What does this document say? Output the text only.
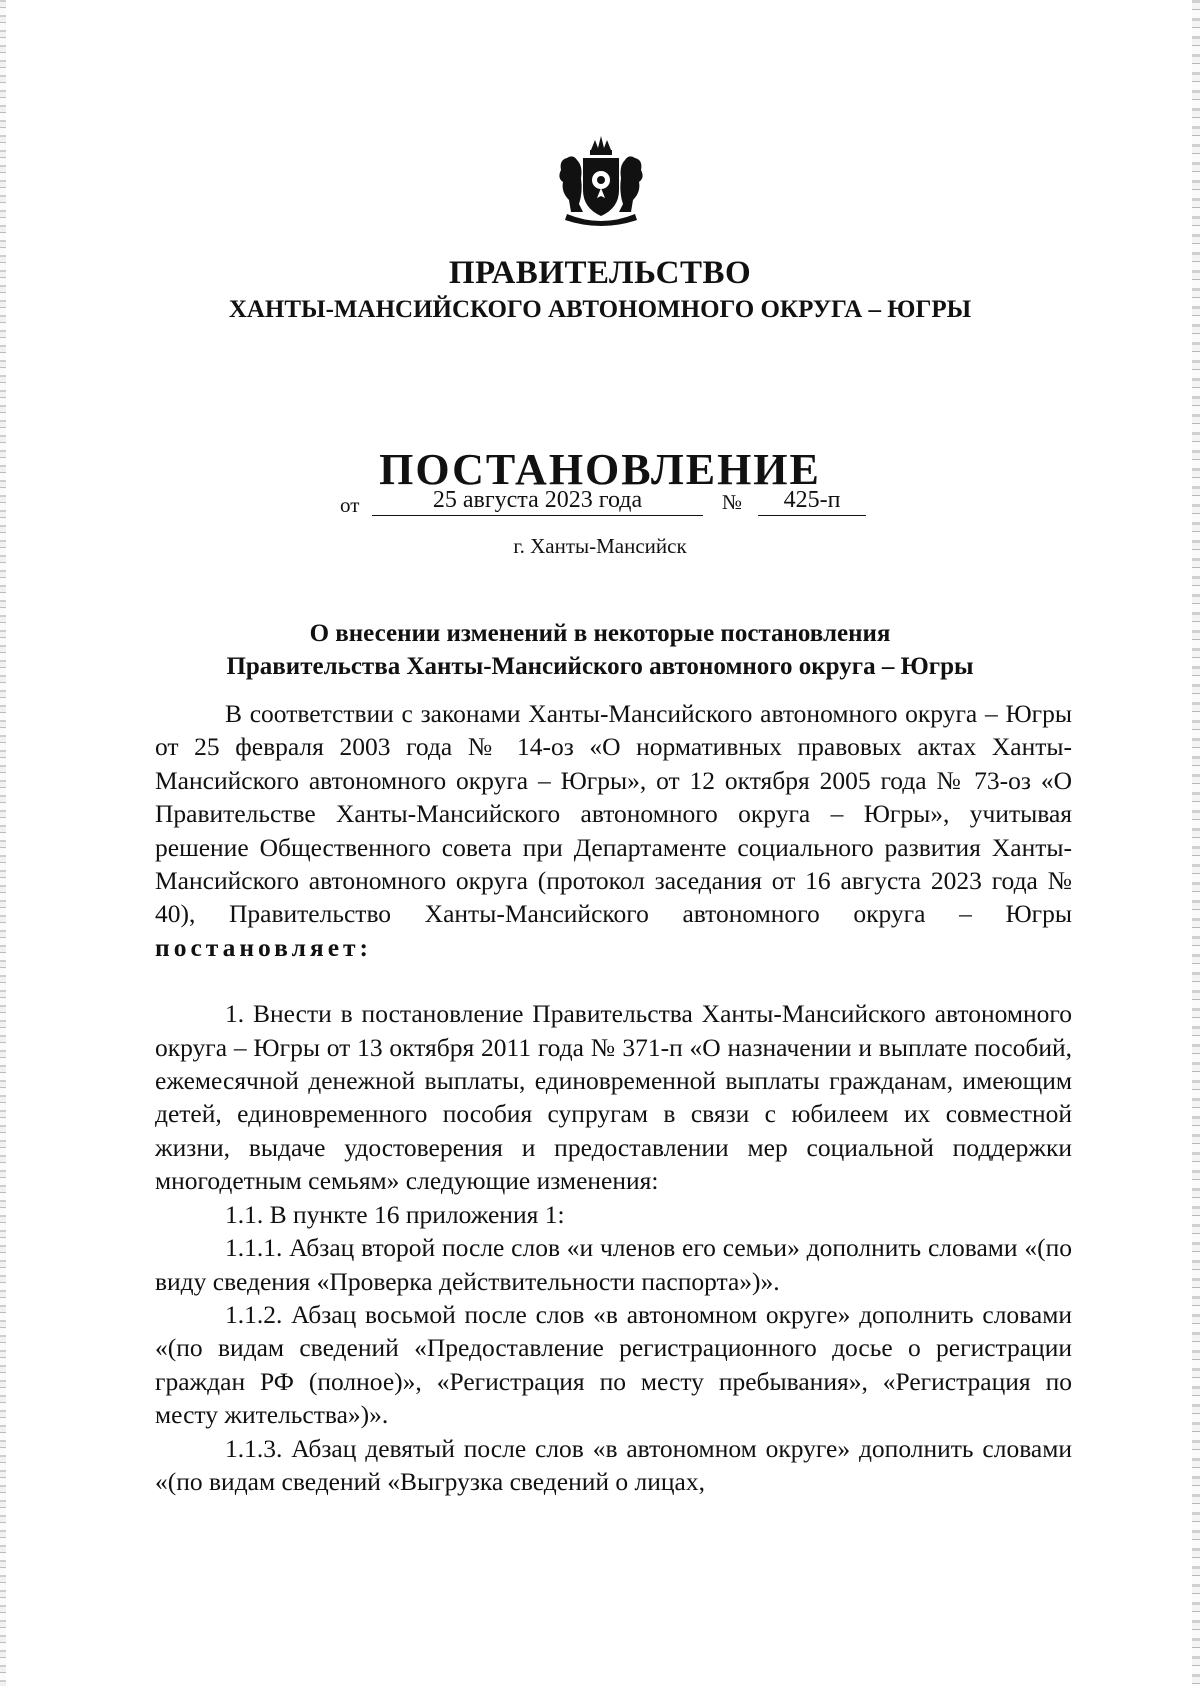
ПРАВИТЕЛЬСТВО
ХАНТЫ-МАНСИЙСКОГО АВТОНОМНОГО ОКРУГА – ЮГРЫ
ПОСТАНОВЛЕНИЕ
от	25 августа 2023 года	№	425-п
г. Ханты-Мансийск
О внесении изменений в некоторые постановления
Правительства Ханты-Мансийского автономного округа – Югры

В соответствии с законами Ханты-Мансийского автономного округа – Югры от 25 февраля 2003 года № 14-оз «О нормативных правовых актах Ханты-Мансийского автономного округа – Югры», от 12 октября 2005 года № 73-оз «О Правительстве Ханты-Мансийского автономного округа – Югры», учитывая решение Общественного совета при Департаменте социального развития Ханты-Мансийского автономного округа (протокол заседания от 16 августа 2023 года № 40), Правительство Ханты-Мансийского автономного округа – Югры постановляет:

1. Внести в постановление Правительства Ханты-Мансийского автономного округа – Югры от 13 октября 2011 года № 371-п «О назначении и выплате пособий, ежемесячной денежной выплаты, единовременной выплаты гражданам, имеющим детей, единовременного пособия супругам в связи с юбилеем их совместной жизни, выдаче удостоверения и предоставлении мер социальной поддержки многодетным семьям» следующие изменения:

1.1. В пункте 16 приложения 1:

1.1.1. Абзац второй после слов «и членов его семьи» дополнить словами «(по виду сведения «Проверка действительности паспорта»)».

1.1.2. Абзац восьмой после слов «в автономном округе» дополнить словами «(по видам сведений «Предоставление регистрационного досье о регистрации граждан РФ (полное)», «Регистрация по месту пребывания», «Регистрация по месту жительства»)».

1.1.3. Абзац девятый после слов «в автономном округе» дополнить словами «(по видам сведений «Выгрузка сведений о лицах,
